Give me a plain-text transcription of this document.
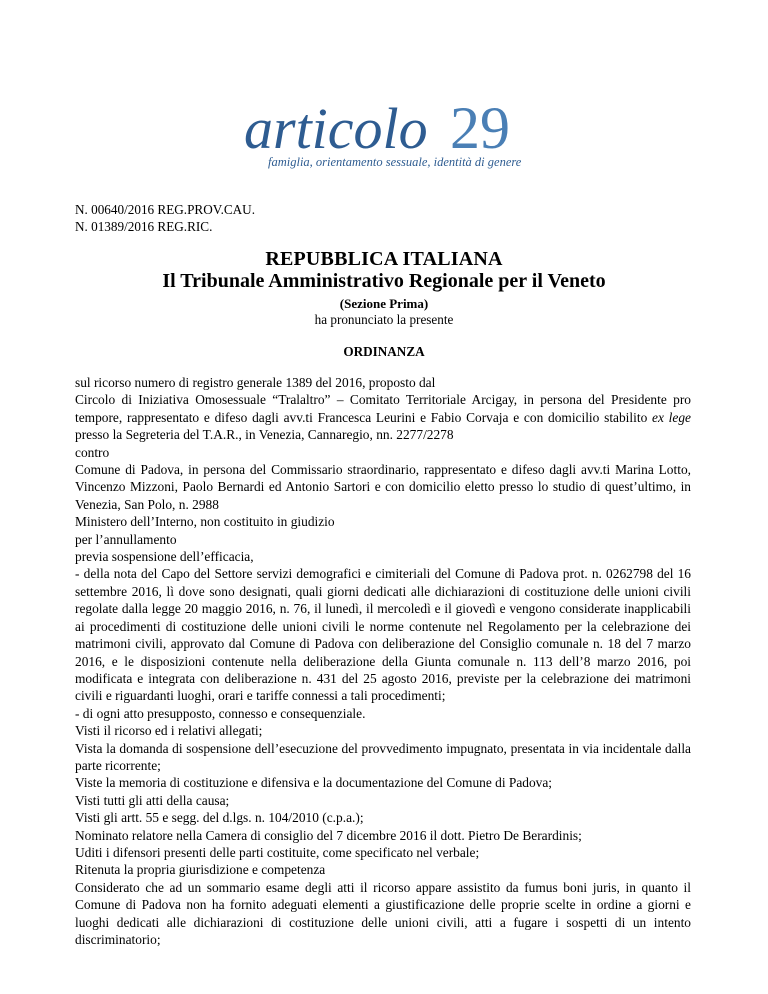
articolo 29
famiglia, orientamento sessuale, identità di genere
N. 00640/2016 REG.PROV.CAU.
N. 01389/2016 REG.RIC.
REPUBBLICA ITALIANA
Il Tribunale Amministrativo Regionale per il Veneto
(Sezione Prima)
ha pronunciato la presente
ORDINANZA

sul ricorso numero di registro generale 1389 del 2016, proposto dal

Circolo di Iniziativa Omosessuale “Tralaltro” – Comitato Territoriale Arcigay, in persona del Presidente pro tempore, rappresentato e difeso dagli avv.ti Francesca Leurini e Fabio Corvaja e con domicilio stabilito ex lege presso la Segreteria del T.A.R., in Venezia, Cannaregio, nn. 2277/2278

contro

Comune di Padova, in persona del Commissario straordinario, rappresentato e difeso dagli avv.ti Marina Lotto, Vincenzo Mizzoni, Paolo Bernardi ed Antonio Sartori e con domicilio eletto presso lo studio di quest’ultimo, in Venezia, San Polo, n. 2988

Ministero dell’Interno, non costituito in giudizio

per l’annullamento

previa sospensione dell’efficacia,

- della nota del Capo del Settore servizi demografici e cimiteriali del Comune di Padova prot. n. 0262798 del 16 settembre 2016, lì dove sono designati, quali giorni dedicati alle dichiarazioni di costituzione delle unioni civili regolate dalla legge 20 maggio 2016, n. 76, il lunedì, il mercoledì e il giovedì e vengono considerate inapplicabili ai procedimenti di costituzione delle unioni civili le norme contenute nel Regolamento per la celebrazione dei matrimoni civili, approvato dal Comune di Padova con deliberazione del Consiglio comunale n. 18 del 7 marzo 2016, e le disposizioni contenute nella deliberazione della Giunta comunale n. 113 dell’8 marzo 2016, poi modificata e integrata con deliberazione n. 431 del 25 agosto 2016, previste per la celebrazione dei matrimoni civili e riguardanti luoghi, orari e tariffe connessi a tali procedimenti;

- di ogni atto presupposto, connesso e consequenziale.

Visti il ricorso ed i relativi allegati;

Vista la domanda di sospensione dell’esecuzione del provvedimento impugnato, presentata in via incidentale dalla parte ricorrente;

Viste la memoria di costituzione e difensiva e la documentazione del Comune di Padova;

Visti tutti gli atti della causa;

Visti gli artt. 55 e segg. del d.lgs. n. 104/2010 (c.p.a.);

Nominato relatore nella Camera di consiglio del 7 dicembre 2016 il dott. Pietro De Berardinis;

Uditi i difensori presenti delle parti costituite, come specificato nel verbale;

Ritenuta la propria giurisdizione e competenza

Considerato che ad un sommario esame degli atti il ricorso appare assistito da fumus boni juris, in quanto il Comune di Padova non ha fornito adeguati elementi a giustificazione delle proprie scelte in ordine a giorni e luoghi dedicati alle dichiarazioni di costituzione delle unioni civili, atti a fugare i sospetti di un intento discriminatorio;
